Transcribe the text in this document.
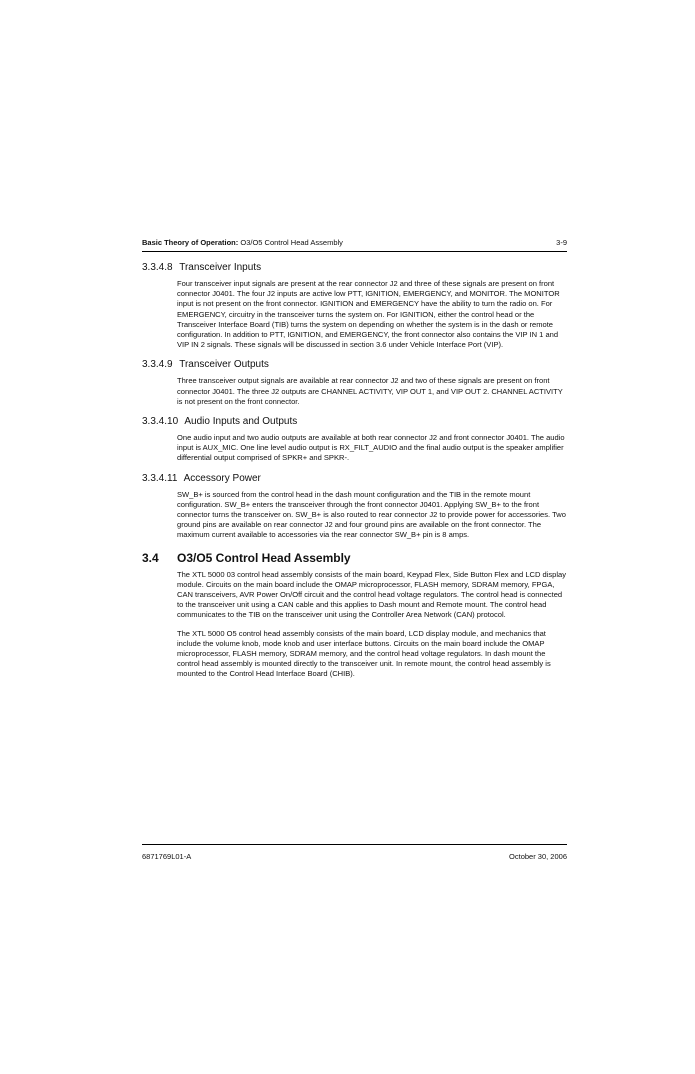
Basic Theory of Operation: O3/O5 Control Head Assembly	3-9
3.3.4.8 Transceiver Inputs

Four transceiver input signals are present at the rear connector J2 and three of these signals are present on front connector J0401. The four J2 inputs are active low PTT, IGNITION, EMERGENCY, and MONITOR. The MONITOR input is not present on the front connector. IGNITION and EMERGENCY have the ability to turn the radio on. For EMERGENCY, circuitry in the transceiver turns the system on. For IGNITION, either the control head or the Transceiver Interface Board (TIB) turns the system on depending on whether the system is in the dash or remote configuration. In addition to PTT, IGNITION, and EMERGENCY, the front connector also contains the VIP IN 1 and VIP IN 2 signals. These signals will be discussed in section 3.6 under Vehicle Interface Port (VIP).

3.3.4.9 Transceiver Outputs

Three transceiver output signals are available at rear connector J2 and two of these signals are present on front connector J0401. The three J2 outputs are CHANNEL ACTIVITY, VIP OUT 1, and VIP OUT 2. CHANNEL ACTIVITY is not present on the front connector.

3.3.4.10 Audio Inputs and Outputs

One audio input and two audio outputs are available at both rear connector J2 and front connector J0401. The audio input is AUX_MIC. One line level audio output is RX_FILT_AUDIO and the final audio output is the speaker amplifier differential output comprised of SPKR+ and SPKR-.

3.3.4.11 Accessory Power

SW_B+ is sourced from the control head in the dash mount configuration and the TIB in the remote mount configuration. SW_B+ enters the transceiver through the front connector J0401. Applying SW_B+ to the front connector turns the transceiver on. SW_B+ is also routed to rear connector J2 to provide power for accessories. Two ground pins are available on rear connector J2 and four ground pins are available on the front connector. The maximum current available to accessories via the rear connector SW_B+ pin is 8 amps.

3.4 O3/O5 Control Head Assembly

The XTL 5000 03 control head assembly consists of the main board, Keypad Flex, Side Button Flex and LCD display module. Circuits on the main board include the OMAP microprocessor, FLASH memory, SDRAM memory, FPGA, CAN transceivers, AVR Power On/Off circuit and the control head voltage regulators. The control head is connected to the transceiver unit using a CAN cable and this applies to Dash mount and Remote mount. The control head communicates to the TIB on the transceiver unit using the Controller Area Network (CAN) protocol.

The XTL 5000 O5 control head assembly consists of the main board, LCD display module, and mechanics that include the volume knob, mode knob and user interface buttons. Circuits on the main board include the OMAP microprocessor, FLASH memory, SDRAM memory, and the control head voltage regulators. In dash mount the control head assembly is mounted directly to the transceiver unit. In remote mount, the control head assembly is mounted to the Control Head Interface Board (CHIB).

6871769L01-A	October 30, 2006
